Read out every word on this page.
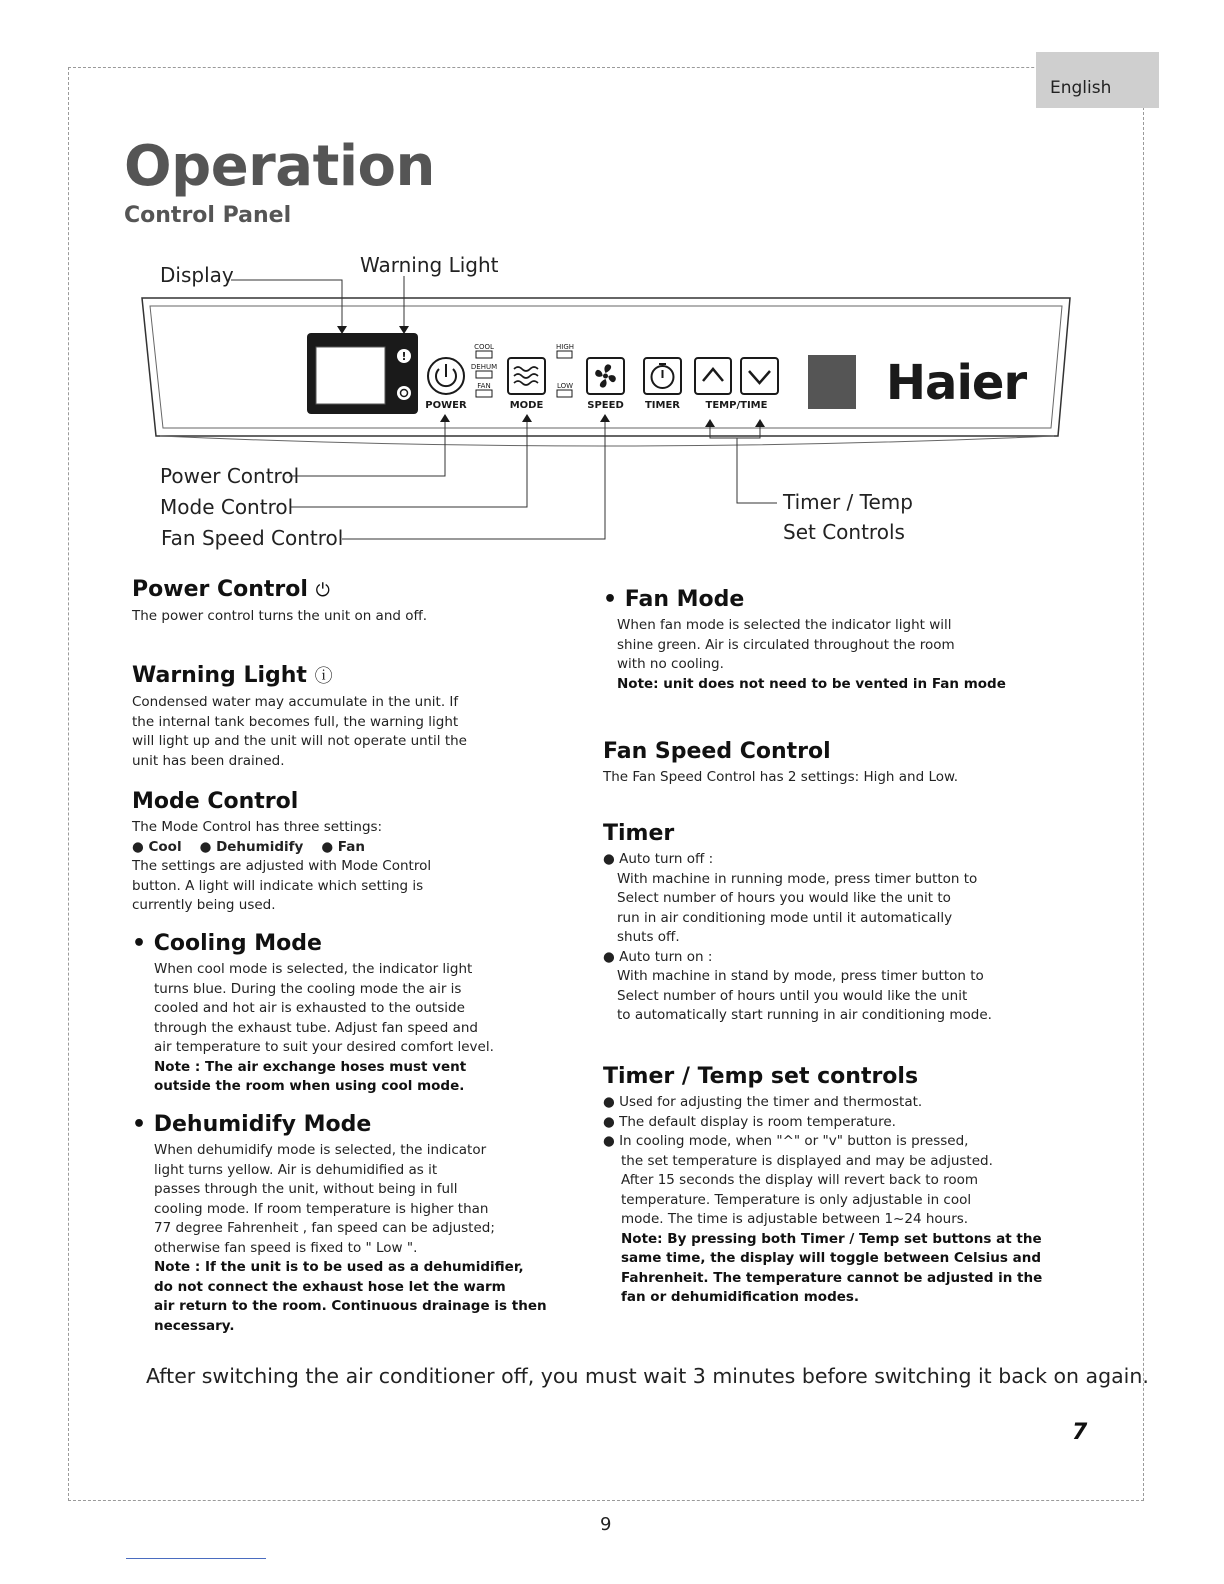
English
Operation
Control Panel
!
COOL
DEHUM
FAN
HIGH
LOW
POWER	MODE	SPEED TIMER	TEMP/TIME Haier
Display	Warning Light
Power Control
Mode Control
Fan Speed Control
Timer / Temp
Set Controls
Power Control ⏻

The power control turns the unit on and off.

Warning Light ⓘ

Condensed water may accumulate in the unit. If

the internal tank becomes full, the warning light

will light up and the unit will not operate until the

unit has been drained.

Mode Control

The Mode Control has three settings:

● Cool ● Dehumidify ● Fan

The settings are adjusted with Mode Control

button. A light will indicate which setting is

currently being used.

• Cooling Mode

When cool mode is selected, the indicator light

turns blue. During the cooling mode the air is

cooled and hot air is exhausted to the outside

through the exhaust tube. Adjust fan speed and

air temperature to suit your desired comfort level.

Note : The air exchange hoses must vent

outside the room when using cool mode.

• Dehumidify Mode

When dehumidify mode is selected, the indicator

light turns yellow. Air is dehumidified as it

passes through the unit, without being in full

cooling mode. If room temperature is higher than

77 degree Fahrenheit , fan speed can be adjusted;

otherwise fan speed is fixed to " Low ".

Note : If the unit is to be used as a dehumidifier,

do not connect the exhaust hose let the warm

air return to the room. Continuous drainage is then

necessary.

• Fan Mode

When fan mode is selected the indicator light will

shine green. Air is circulated throughout the room

with no cooling.

Note: unit does not need to be vented in Fan mode

Fan Speed Control

The Fan Speed Control has 2 settings: High and Low.

Timer

● Auto turn off :

With machine in running mode, press timer button to

Select number of hours you would like the unit to

run in air conditioning mode until it automatically

shuts off.

● Auto turn on :

With machine in stand by mode, press timer button to

Select number of hours until you would like the unit

to automatically start running in air conditioning mode.

Timer / Temp set controls

● Used for adjusting the timer and thermostat.

● The default display is room temperature.

● In cooling mode, when "^" or "v" button is pressed,

the set temperature is displayed and may be adjusted.

After 15 seconds the display will revert back to room

temperature. Temperature is only adjustable in cool

mode. The time is adjustable between 1~24 hours.

Note: By pressing both Timer / Temp set buttons at the

same time, the display will toggle between Celsius and

Fahrenheit. The temperature cannot be adjusted in the

fan or dehumidification modes.

After switching the air conditioner off, you must wait 3 minutes before switching it back on again.
7
9
